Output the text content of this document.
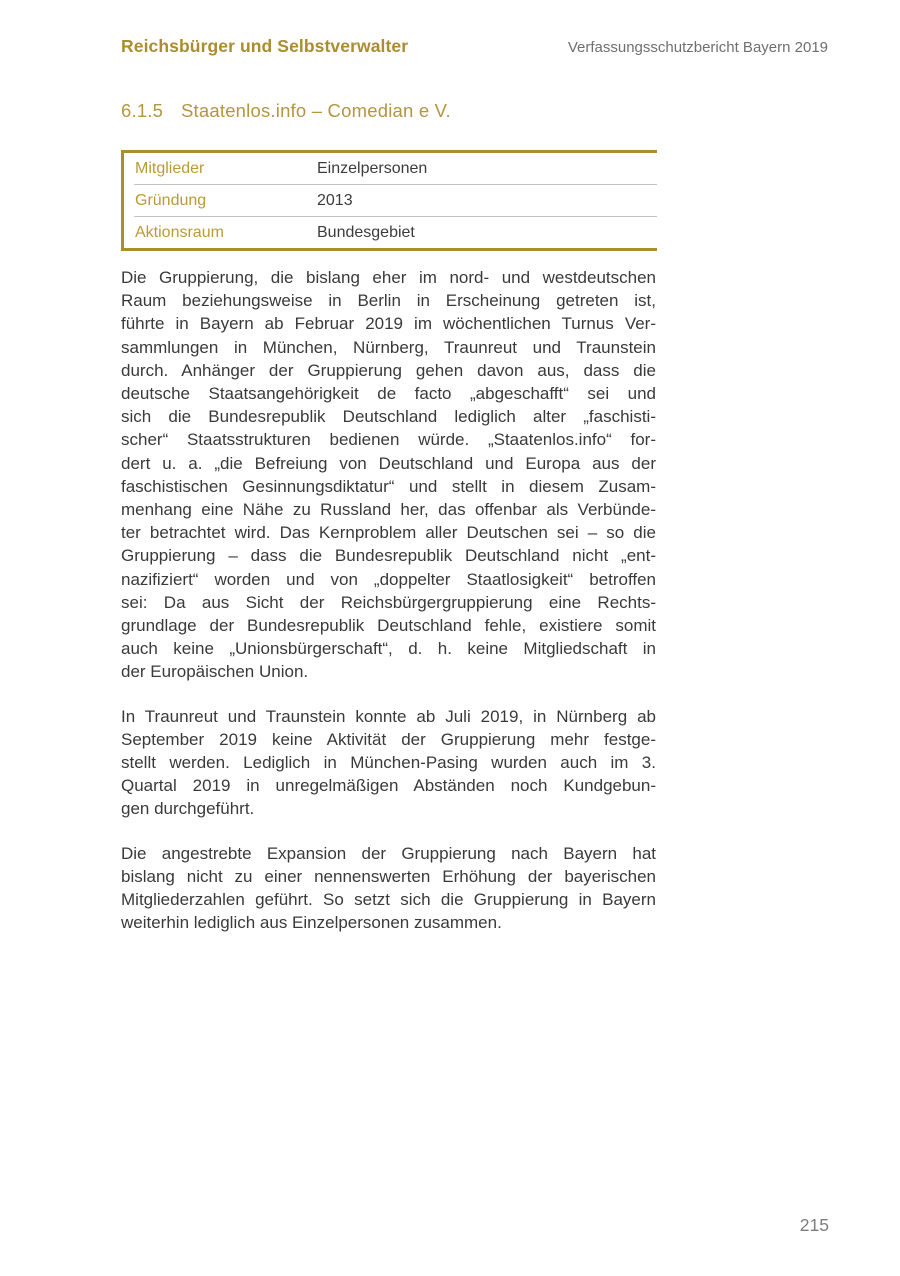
Reichsbürger und Selbstverwalter	Verfassungsschutzbericht Bayern 2019
6.1.5 Staatenlos.info – Comedian e V.
Mitglieder	Einzelpersonen
Gründung	2013
Aktionsraum	Bundesgebiet
Die Gruppierung, die bislang eher im nord- und westdeutschen
Raum beziehungsweise in Berlin in Erscheinung getreten ist,
führte in Bayern ab Februar 2019 im wöchentlichen Turnus Ver-
sammlungen in München, Nürnberg, Traunreut und Traunstein
durch. Anhänger der Gruppierung gehen davon aus, dass die
deutsche Staatsangehörigkeit de facto „abgeschafft“ sei und
sich die Bundesrepublik Deutschland lediglich alter „faschisti-
scher“ Staatsstrukturen bedienen würde. „Staatenlos.info“ for-
dert u. a. „die Befreiung von Deutschland und Europa aus der
faschistischen Gesinnungsdiktatur“ und stellt in diesem Zusam-
menhang eine Nähe zu Russland her, das offenbar als Verbünde-
ter betrachtet wird. Das Kernproblem aller Deutschen sei – so die
Gruppierung – dass die Bundesrepublik Deutschland nicht „ent-
nazifiziert“ worden und von „doppelter Staatlosigkeit“ betroffen
sei: Da aus Sicht der Reichsbürgergruppierung eine Rechts-
grundlage der Bundesrepublik Deutschland fehle, existiere somit
auch keine „Unionsbürgerschaft“, d. h. keine Mitgliedschaft in
der Europäischen Union.
In Traunreut und Traunstein konnte ab Juli 2019, in Nürnberg ab
September 2019 keine Aktivität der Gruppierung mehr festge-
stellt werden. Lediglich in München-Pasing wurden auch im 3.
Quartal 2019 in unregelmäßigen Abständen noch Kundgebun-
gen durchgeführt.
Die angestrebte Expansion der Gruppierung nach Bayern hat
bislang nicht zu einer nennenswerten Erhöhung der bayerischen
Mitgliederzahlen geführt. So setzt sich die Gruppierung in Bayern
weiterhin lediglich aus Einzelpersonen zusammen.
215
